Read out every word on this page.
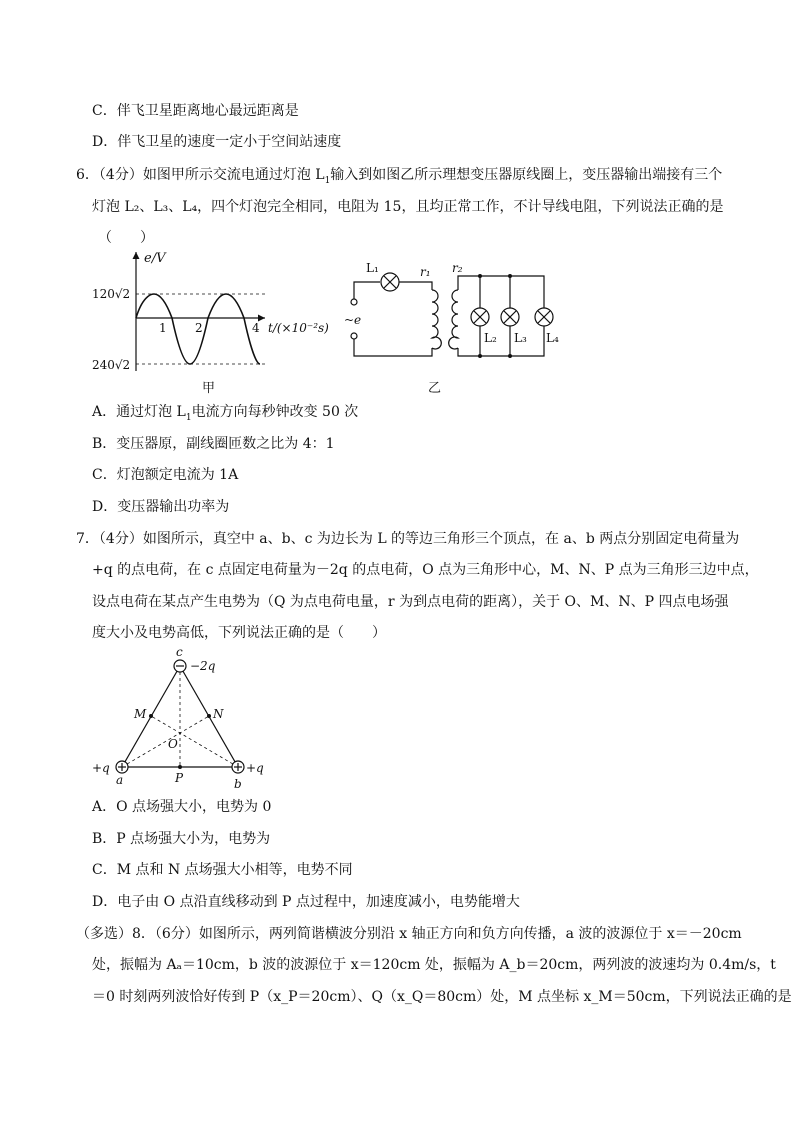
C．伴飞卫星距离地心最远距离是
D．伴飞卫星的速度一定小于空间站速度
6．（4分）如图甲所示交流电通过灯泡 $L_1$输入到如图乙所示理想变压器原线圈上，变压器输出端接有三个
灯泡 L₂、L₃、L₄，四个灯泡完全相同，电阻为 15，且均正常工作，不计导线电阻，下列说法正确的是
（　　）
e/V
120√2
240√2
1 2	4 t/(×10⁻²s)
甲
L₁	r₁ r₂
~e
L₂ L₃ L₄
乙
A．通过灯泡 $L_1$电流方向每秒钟改变 50 次
B．变压器原，副线圈匝数之比为 4：1
C．灯泡额定电流为 1A
D．变压器输出功率为
7．（4分）如图所示，真空中 a、b、c 为边长为 L 的等边三角形三个顶点，在 a、b 两点分别固定电荷量为
+q 的点电荷，在 c 点固定电荷量为－2q 的点电荷，O 点为三角形中心，M、N、P 点为三角形三边中点，
设点电荷在某点产生电势为（Q 为点电荷电量，r 为到点电荷的距离），关于 O、M、N、P 四点电场强
度大小及电势高低，下列说法正确的是（　　）
c
−2q
M	N
O
P
a	b
+q	+q
A．O 点场强大小，电势为 0
B．P 点场强大小为，电势为
C．M 点和 N 点场强大小相等，电势不同
D．电子由 O 点沿直线移动到 P 点过程中，加速度减小，电势能增大
（多选）8．（6分）如图所示，两列简谐横波分别沿 x 轴正方向和负方向传播，a 波的波源位于 x＝－20cm
处，振幅为 Aₐ＝10cm，b 波的波源位于 x＝120cm 处，振幅为 A_b＝20cm，两列波的波速均为 0.4m/s，t
＝0 时刻两列波恰好传到 P（x_P＝20cm）、Q（x_Q＝80cm）处，M 点坐标 x_M＝50cm，下列说法正确的是
